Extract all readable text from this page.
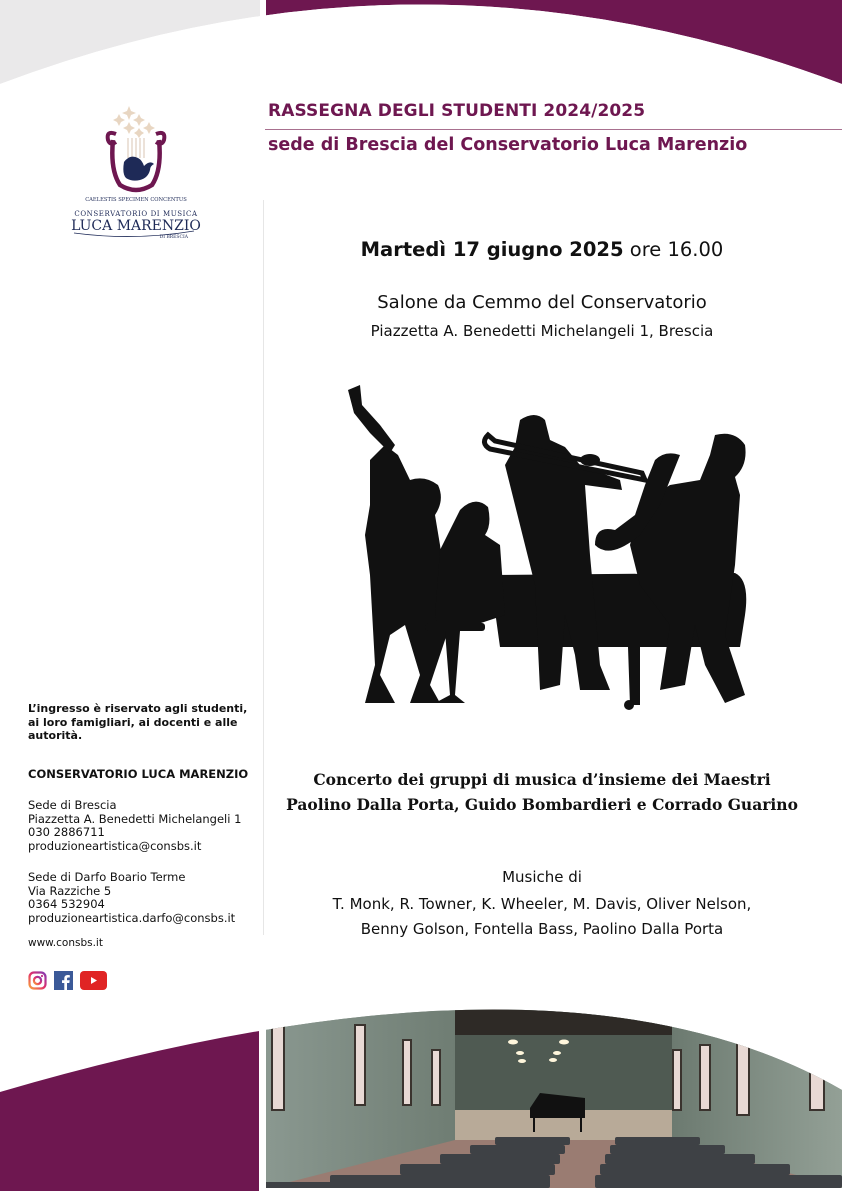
CAELESTIS SPECIMEN CONCENTUS
CONSERVATORIO DI MUSICA
LUCA MARENZIO
DI BRESCIA
RASSEGNA DEGLI STUDENTI 2024/2025
sede di Brescia del Conservatorio Luca Marenzio
Martedì 17 giugno 2025 ore 16.00
Salone da Cemmo del Conservatorio
Piazzetta A. Benedetti Michelangeli 1, Brescia
Concerto dei gruppi di musica d’insieme dei Maestri
Paolino Dalla Porta, Guido Bombardieri e Corrado Guarino
Musiche di
T. Monk, R. Towner, K. Wheeler, M. Davis, Oliver Nelson,
Benny Golson, Fontella Bass, Paolino Dalla Porta
L’ingresso è riservato agli studenti,
ai loro famigliari, ai docenti e alle
autorità.
CONSERVATORIO LUCA MARENZIO
Sede di Brescia
Piazzetta A. Benedetti Michelangeli 1
030 2886711
produzioneartistica@consbs.it
Sede di Darfo Boario Terme
Via Razziche 5
0364 532904
produzioneartistica.darfo@consbs.it
www.consbs.it
